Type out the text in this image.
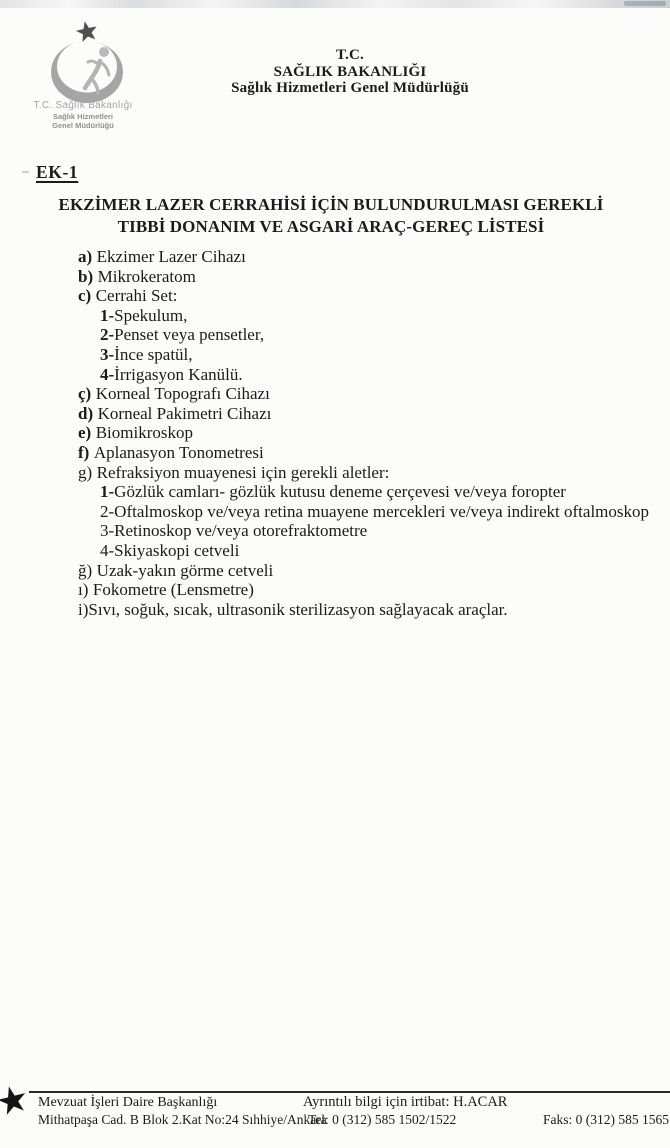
T.C. Sağlık Bakanlığı
Sağlık Hizmetleri
Genel Müdürlüğü
T.C.
SAĞLIK BAKANLIĞI
Sağlık Hizmetleri Genel Müdürlüğü
EK-1
EKZİMER LAZER CERRAHİSİ İÇİN BULUNDURULMASI GEREKLİ
TIBBİ DONANIM VE ASGARİ ARAÇ-GEREÇ LİSTESİ
a) Ekzimer Lazer Cihazı
b) Mikrokeratom
c) Cerrahi Set:
1-Spekulum,
2-Penset veya pensetler,
3-İnce spatül,
4-İrrigasyon Kanülü.
ç) Korneal Topografı Cihazı
d) Korneal Pakimetri Cihazı
e) Biomikroskop
f) Aplanasyon Tonometresi
g) Refraksiyon muayenesi için gerekli aletler:
1-Gözlük camları- gözlük kutusu deneme çerçevesi ve/veya foropter
2-Oftalmoskop ve/veya retina muayene mercekleri ve/veya indirekt oftalmoskop
3-Retinoskop ve/veya otorefraktometre
4-Skiyaskopi cetveli
ğ) Uzak-yakın görme cetveli
ı) Fokometre (Lensmetre)
i)Sıvı, soğuk, sıcak, ultrasonik sterilizasyon sağlayacak araçlar.
★
Mevzuat İşleri Daire Başkanlığı	Ayrıntılı bilgi için irtibat: H.ACAR
Mithatpaşa Cad. B Blok 2.Kat No:24 Sıhhiye/Ankara
Tel: 0 (312) 585 1502/1522	Faks: 0 (312) 585 1565
